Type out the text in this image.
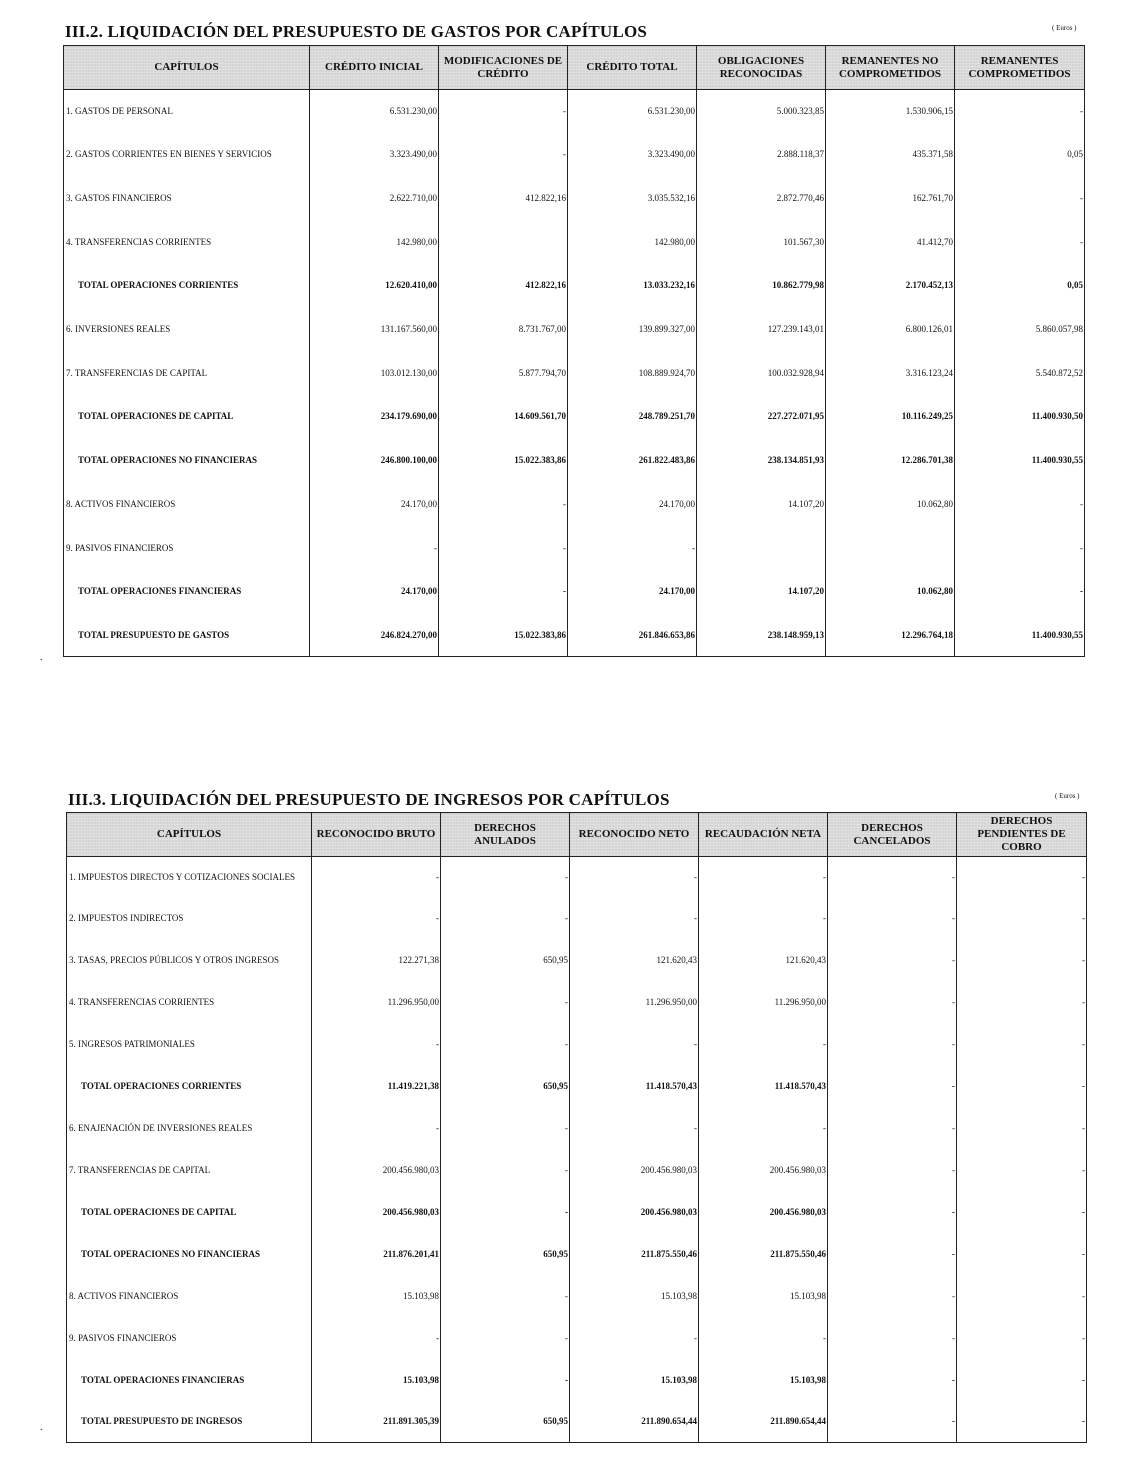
III.2. LIQUIDACIÓN DEL PRESUPUESTO DE GASTOS POR CAPÍTULOS	( Euros )
CAPÍTULOS	CRÉDITO INICIAL	MODIFICACIONES DE CRÉDITO	CRÉDITO TOTAL	OBLIGACIONES RECONOCIDAS	REMANENTES NO COMPROMETIDOS	REMANENTES COMPROMETIDOS
1. GASTOS DE PERSONAL	6.531.230,00	-	6.531.230,00	5.000.323,85	1.530.906,15	-
2. GASTOS CORRIENTES EN BIENES Y SERVICIOS	3.323.490,00	-	3.323.490,00	2.888.118,37	435.371,58	0,05
3. GASTOS FINANCIEROS	2.622.710,00	412.822,16	3.035.532,16	2.872.770,46	162.761,70	-
4. TRANSFERENCIAS CORRIENTES	142.980,00		142.980,00	101.567,30	41.412,70	-
TOTAL OPERACIONES CORRIENTES	12.620.410,00	412.822,16	13.033.232,16	10.862.779,98	2.170.452,13	0,05
6. INVERSIONES REALES	131.167.560,00	8.731.767,00	139.899.327,00	127.239.143,01	6.800.126,01	5.860.057,98
7. TRANSFERENCIAS DE CAPITAL	103.012.130,00	5.877.794,70	108.889.924,70	100.032.928,94	3.316.123,24	5.540.872,52
TOTAL OPERACIONES DE CAPITAL	234.179.690,00	14.609.561,70	248.789.251,70	227.272.071,95	10.116.249,25	11.400.930,50
TOTAL OPERACIONES NO FINANCIERAS	246.800.100,00	15.022.383,86	261.822.483,86	238.134.851,93	12.286.701,38	11.400.930,55
8. ACTIVOS FINANCIEROS	24.170,00	-	24.170,00	14.107,20	10.062,80	-
9. PASIVOS FINANCIEROS	-	-	-			-
TOTAL OPERACIONES FINANCIERAS	24.170,00	-	24.170,00	14.107,20	10.062,80	-
TOTAL PRESUPUESTO DE GASTOS	246.824.270,00	15.022.383,86	261.846.653,86	238.148.959,13	12.296.764,18	11.400.930,55
III.3. LIQUIDACIÓN DEL PRESUPUESTO DE INGRESOS POR CAPÍTULOS	( Euros )
CAPÍTULOS	RECONOCIDO BRUTO	DERECHOS ANULADOS	RECONOCIDO NETO	RECAUDACIÓN NETA	DERECHOS CANCELADOS	DERECHOS PENDIENTES DE COBRO
1. IMPUESTOS DIRECTOS Y COTIZACIONES SOCIALES	-	-	-	-	-	-
2. IMPUESTOS INDIRECTOS	-	-	-	-	-	-
3. TASAS, PRECIOS PÚBLICOS Y OTROS INGRESOS	122.271,38	650,95	121.620,43	121.620,43	-	-
4. TRANSFERENCIAS CORRIENTES	11.296.950,00	-	11.296.950,00	11.296.950,00	-	-
5. INGRESOS PATRIMONIALES	-	-	-	-	-	-
TOTAL OPERACIONES CORRIENTES	11.419.221,38	650,95	11.418.570,43	11.418.570,43	-	-
6. ENAJENACIÓN DE INVERSIONES REALES	-	-	-	-	-	-
7. TRANSFERENCIAS DE CAPITAL	200.456.980,03	-	200.456.980,03	200.456.980,03	-	-
TOTAL OPERACIONES DE CAPITAL	200.456.980,03	-	200.456.980,03	200.456.980,03	-	-
TOTAL OPERACIONES NO FINANCIERAS	211.876.201,41	650,95	211.875.550,46	211.875.550,46	-	-
8. ACTIVOS FINANCIEROS	15.103,98	-	15.103,98	15.103,98	-	-
9. PASIVOS FINANCIEROS	-	-	-	-	-	-
TOTAL OPERACIONES FINANCIERAS	15.103,98	-	15.103,98	15.103,98	-	-
TOTAL PRESUPUESTO DE INGRESOS	211.891.305,39	650,95	211.890.654,44	211.890.654,44	-	-
.
.
